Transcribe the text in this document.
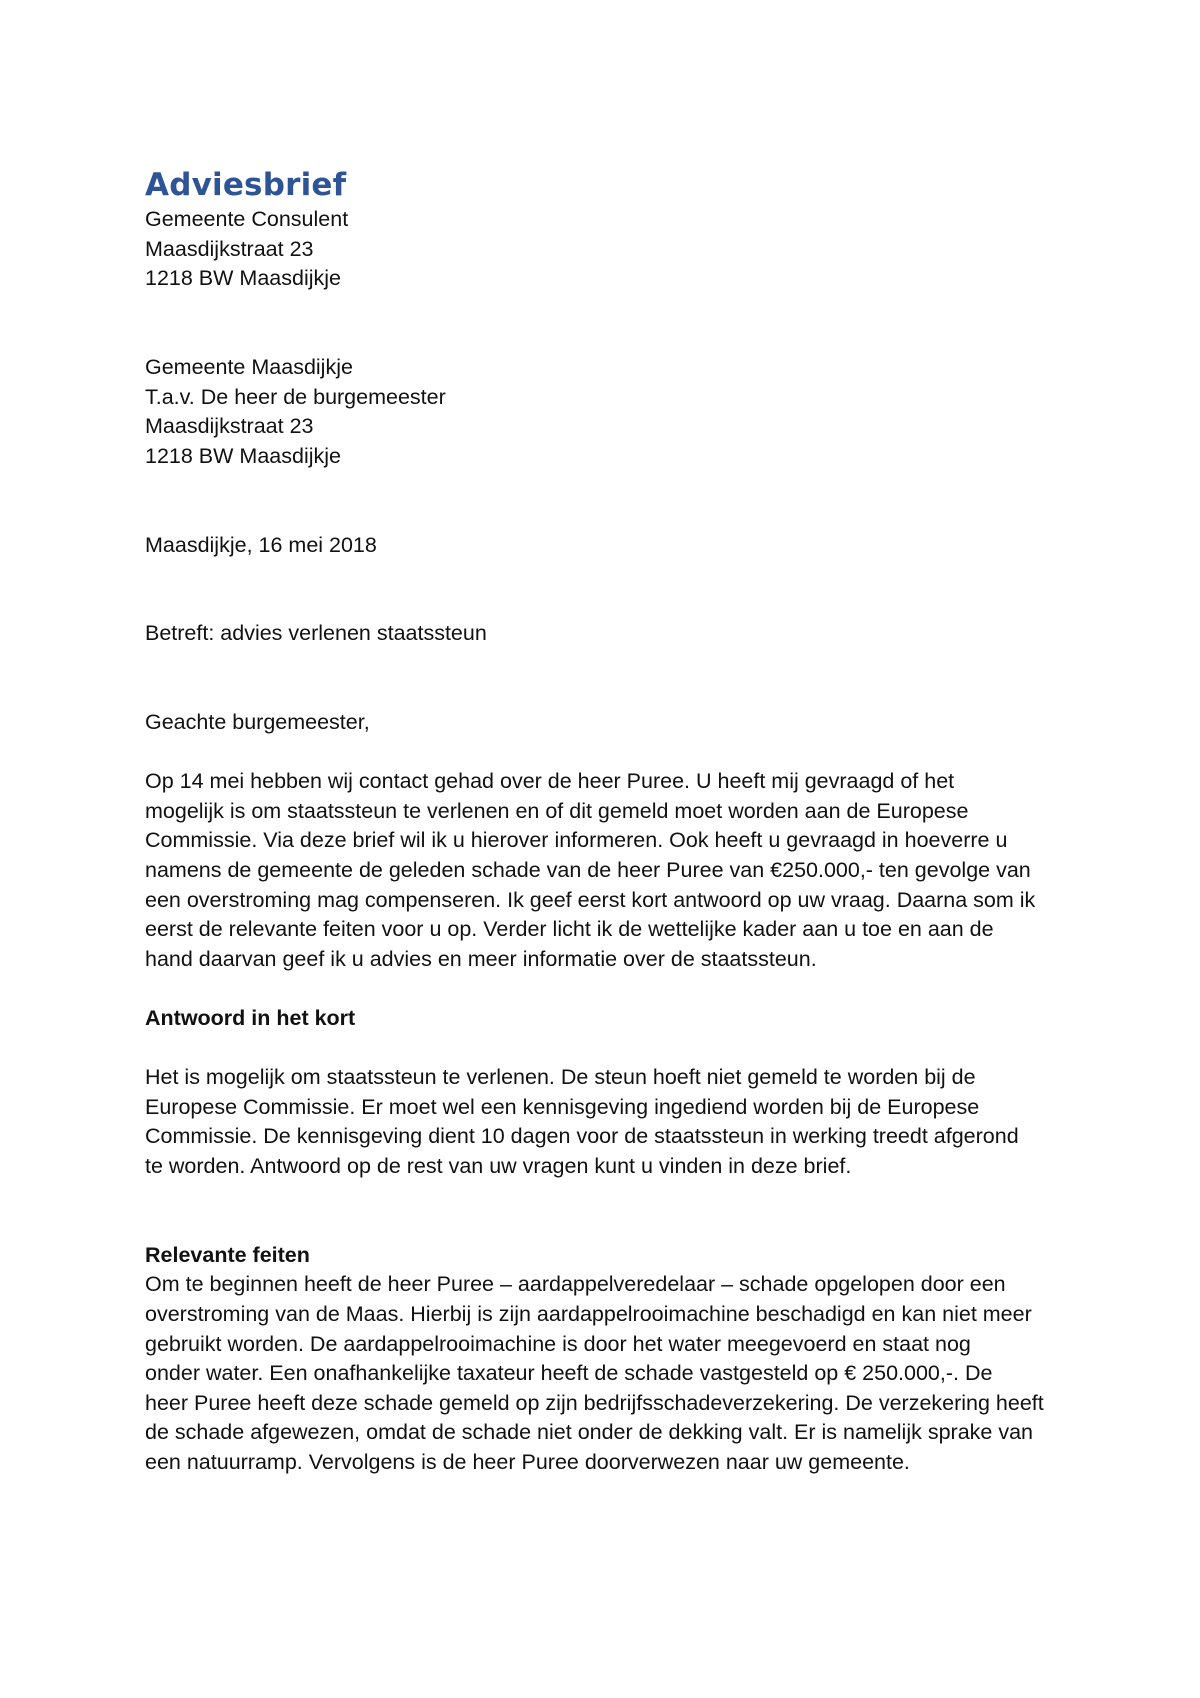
Adviesbrief

Gemeente Consulent

Maasdijkstraat 23

1218 BW Maasdijkje

Gemeente Maasdijkje

T.a.v. De heer de burgemeester

Maasdijkstraat 23

1218 BW Maasdijkje

Maasdijkje, 16 mei 2018

Betreft: advies verlenen staatssteun

Geachte burgemeester,

Op 14 mei hebben wij contact gehad over de heer Puree. U heeft mij gevraagd of het

mogelijk is om staatssteun te verlenen en of dit gemeld moet worden aan de Europese

Commissie. Via deze brief wil ik u hierover informeren. Ook heeft u gevraagd in hoeverre u

namens de gemeente de geleden schade van de heer Puree van €250.000,- ten gevolge van

een overstroming mag compenseren. Ik geef eerst kort antwoord op uw vraag. Daarna som ik

eerst de relevante feiten voor u op. Verder licht ik de wettelijke kader aan u toe en aan de

hand daarvan geef ik u advies en meer informatie over de staatssteun.

Antwoord in het kort

Het is mogelijk om staatssteun te verlenen. De steun hoeft niet gemeld te worden bij de

Europese Commissie. Er moet wel een kennisgeving ingediend worden bij de Europese

Commissie. De kennisgeving dient 10 dagen voor de staatssteun in werking treedt afgerond

te worden. Antwoord op de rest van uw vragen kunt u vinden in deze brief.

Relevante feiten

Om te beginnen heeft de heer Puree – aardappelveredelaar – schade opgelopen door een

overstroming van de Maas. Hierbij is zijn aardappelrooimachine beschadigd en kan niet meer

gebruikt worden. De aardappelrooimachine is door het water meegevoerd en staat nog

onder water. Een onafhankelijke taxateur heeft de schade vastgesteld op € 250.000,-. De

heer Puree heeft deze schade gemeld op zijn bedrijfsschadeverzekering. De verzekering heeft

de schade afgewezen, omdat de schade niet onder de dekking valt. Er is namelijk sprake van

een natuurramp. Vervolgens is de heer Puree doorverwezen naar uw gemeente.
